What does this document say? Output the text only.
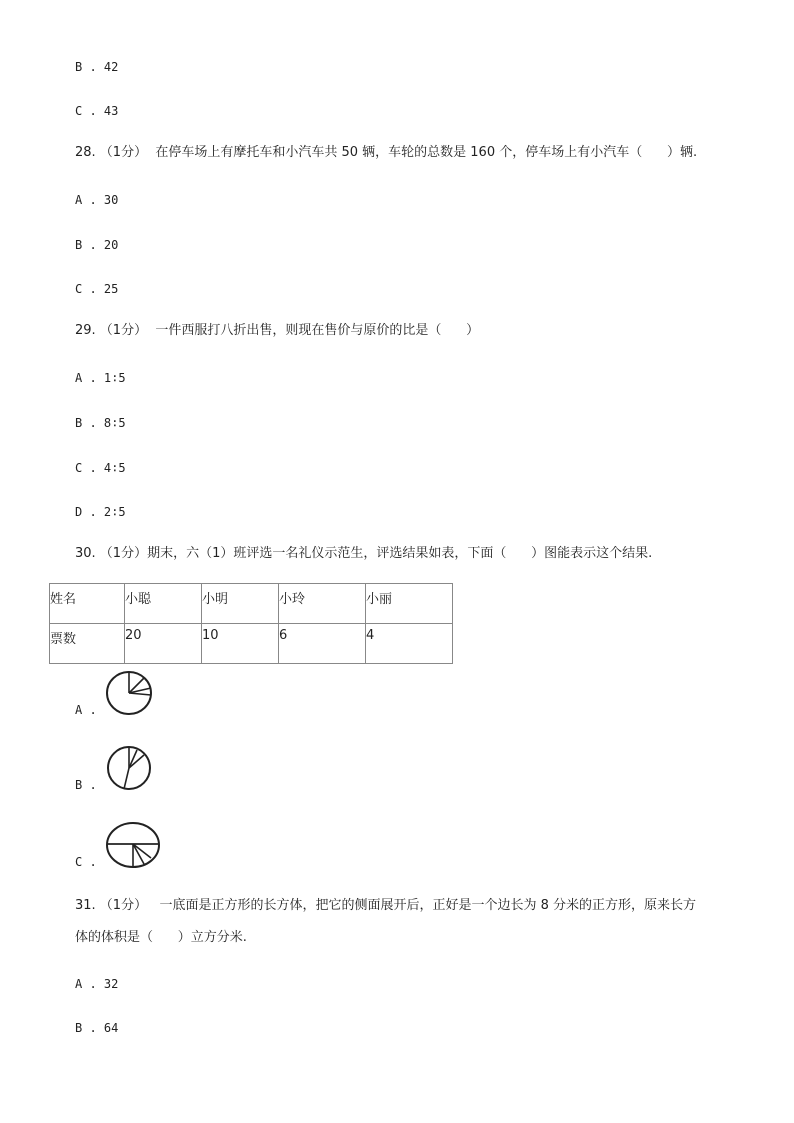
B . 42
C . 43
28. （1分）  在停车场上有摩托车和小汽车共 50 辆，车轮的总数是 160 个，停车场上有小汽车（      ）辆.
A . 30
B . 20
C . 25
29. （1分）  一件西服打八折出售，则现在售价与原价的比是（      ）
A . 1∶5
B . 8∶5
C . 4∶5
D . 2∶5
30. （1分）期末，六（1）班评选一名礼仪示范生，评选结果如表，下面（      ）图能表示这个结果.
姓名	小聪	小明	小玲	小丽
票数	20	10	6	4
A .
B .
C .
31. （1分）   一底面是正方形的长方体，把它的侧面展开后，正好是一个边长为 8 分米的正方形，原来长方
体的体积是（      ）立方分米.
A . 32
B . 64
